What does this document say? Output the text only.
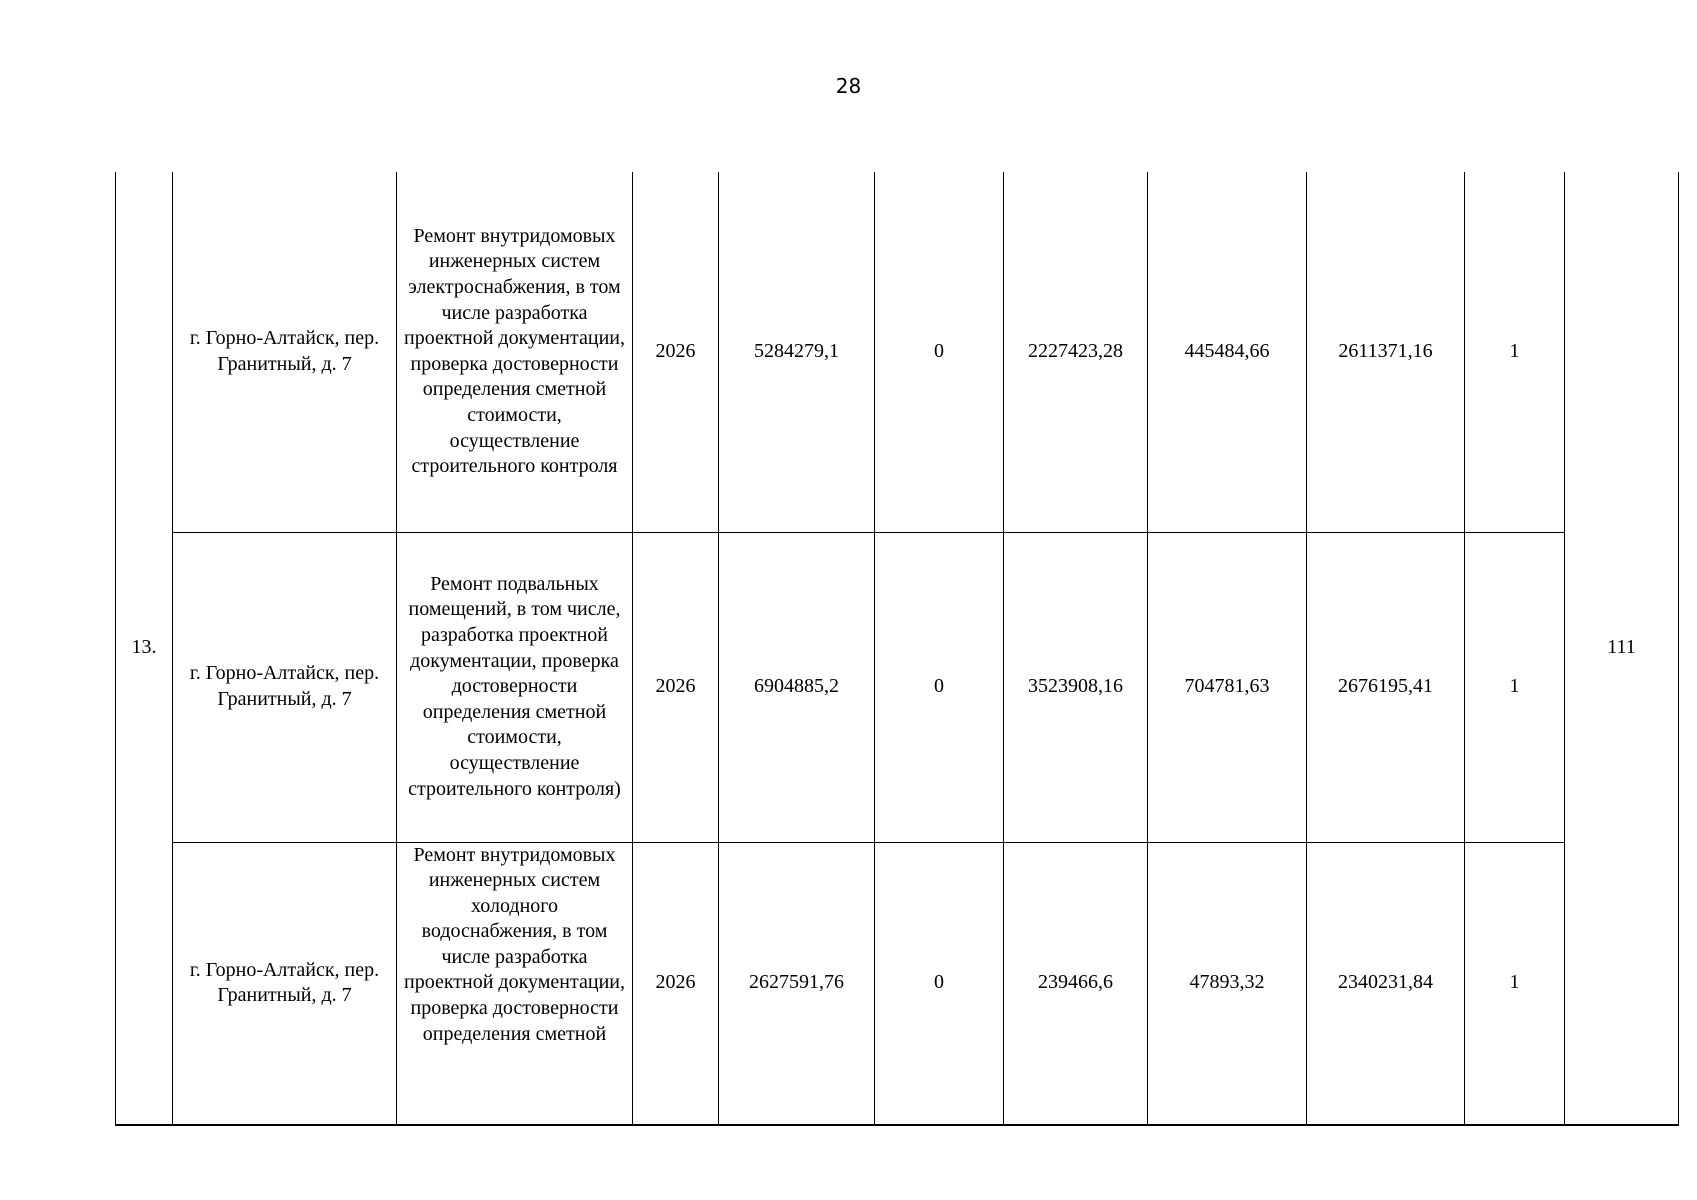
28
13.	г. Горно-Алтайск, пер. Гранитный, д. 7	Ремонт внутридомовых инженерных систем электроснабжения, в том числе разработка проектной документации, проверка достоверности определения сметной стоимости, осуществление строительного контроля	2026	5284279,1	0	2227423,28	445484,66	2611371,16	1	111

	г. Горно-Алтайск, пер. Гранитный, д. 7	Ремонт подвальных помещений, в том числе, разработка проектной документации, проверка достоверности определения сметной стоимости, осуществление строительного контроля)	2026	6904885,2	0	3523908,16	704781,63	2676195,41	1	

	г. Горно-Алтайск, пер. Гранитный, д. 7	Ремонт внутридомовых инженерных систем холодного водоснабжения, в том числе разработка проектной документации, проверка достоверности определения сметной	2026	2627591,76	0	239466,6	47893,32	2340231,84	1	
